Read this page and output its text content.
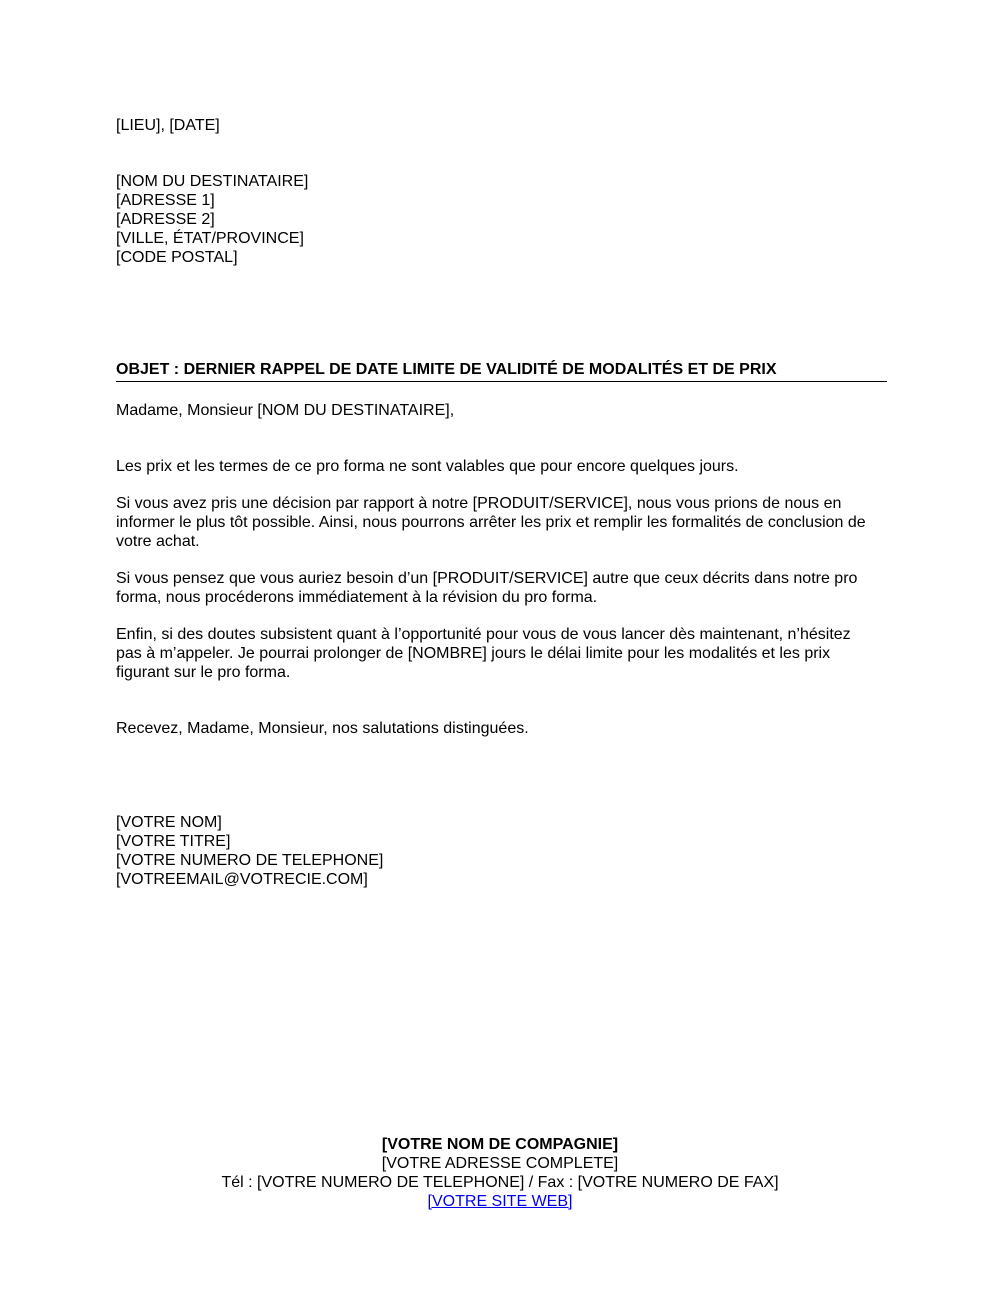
[LIEU], [DATE]
[NOM DU DESTINATAIRE]
[ADRESSE 1]
[ADRESSE 2]
[VILLE, ÉTAT/PROVINCE]
[CODE POSTAL]
OBJET : DERNIER RAPPEL DE DATE LIMITE DE VALIDITÉ DE MODALITÉS ET DE PRIX
Madame, Monsieur [NOM DU DESTINATAIRE],
Les prix et les termes de ce pro forma ne sont valables que pour encore quelques jours.
Si vous avez pris une décision par rapport à notre [PRODUIT/SERVICE], nous vous prions de nous en
informer le plus tôt possible. Ainsi, nous pourrons arrêter les prix et remplir les formalités de conclusion de
votre achat.
Si vous pensez que vous auriez besoin d’un [PRODUIT/SERVICE] autre que ceux décrits dans notre pro
forma, nous procéderons immédiatement à la révision du pro forma.
Enfin, si des doutes subsistent quant à l’opportunité pour vous de vous lancer dès maintenant, n’hésitez
pas à m’appeler. Je pourrai prolonger de [NOMBRE] jours le délai limite pour les modalités et les prix
figurant sur le pro forma.
Recevez, Madame, Monsieur, nos salutations distinguées.
[VOTRE NOM]
[VOTRE TITRE]
[VOTRE NUMERO DE TELEPHONE]
[VOTREEMAIL@VOTRECIE.COM]
[VOTRE NOM DE COMPAGNIE]
[VOTRE ADRESSE COMPLETE]
Tél : [VOTRE NUMERO DE TELEPHONE] / Fax : [VOTRE NUMERO DE FAX]
[VOTRE SITE WEB]
